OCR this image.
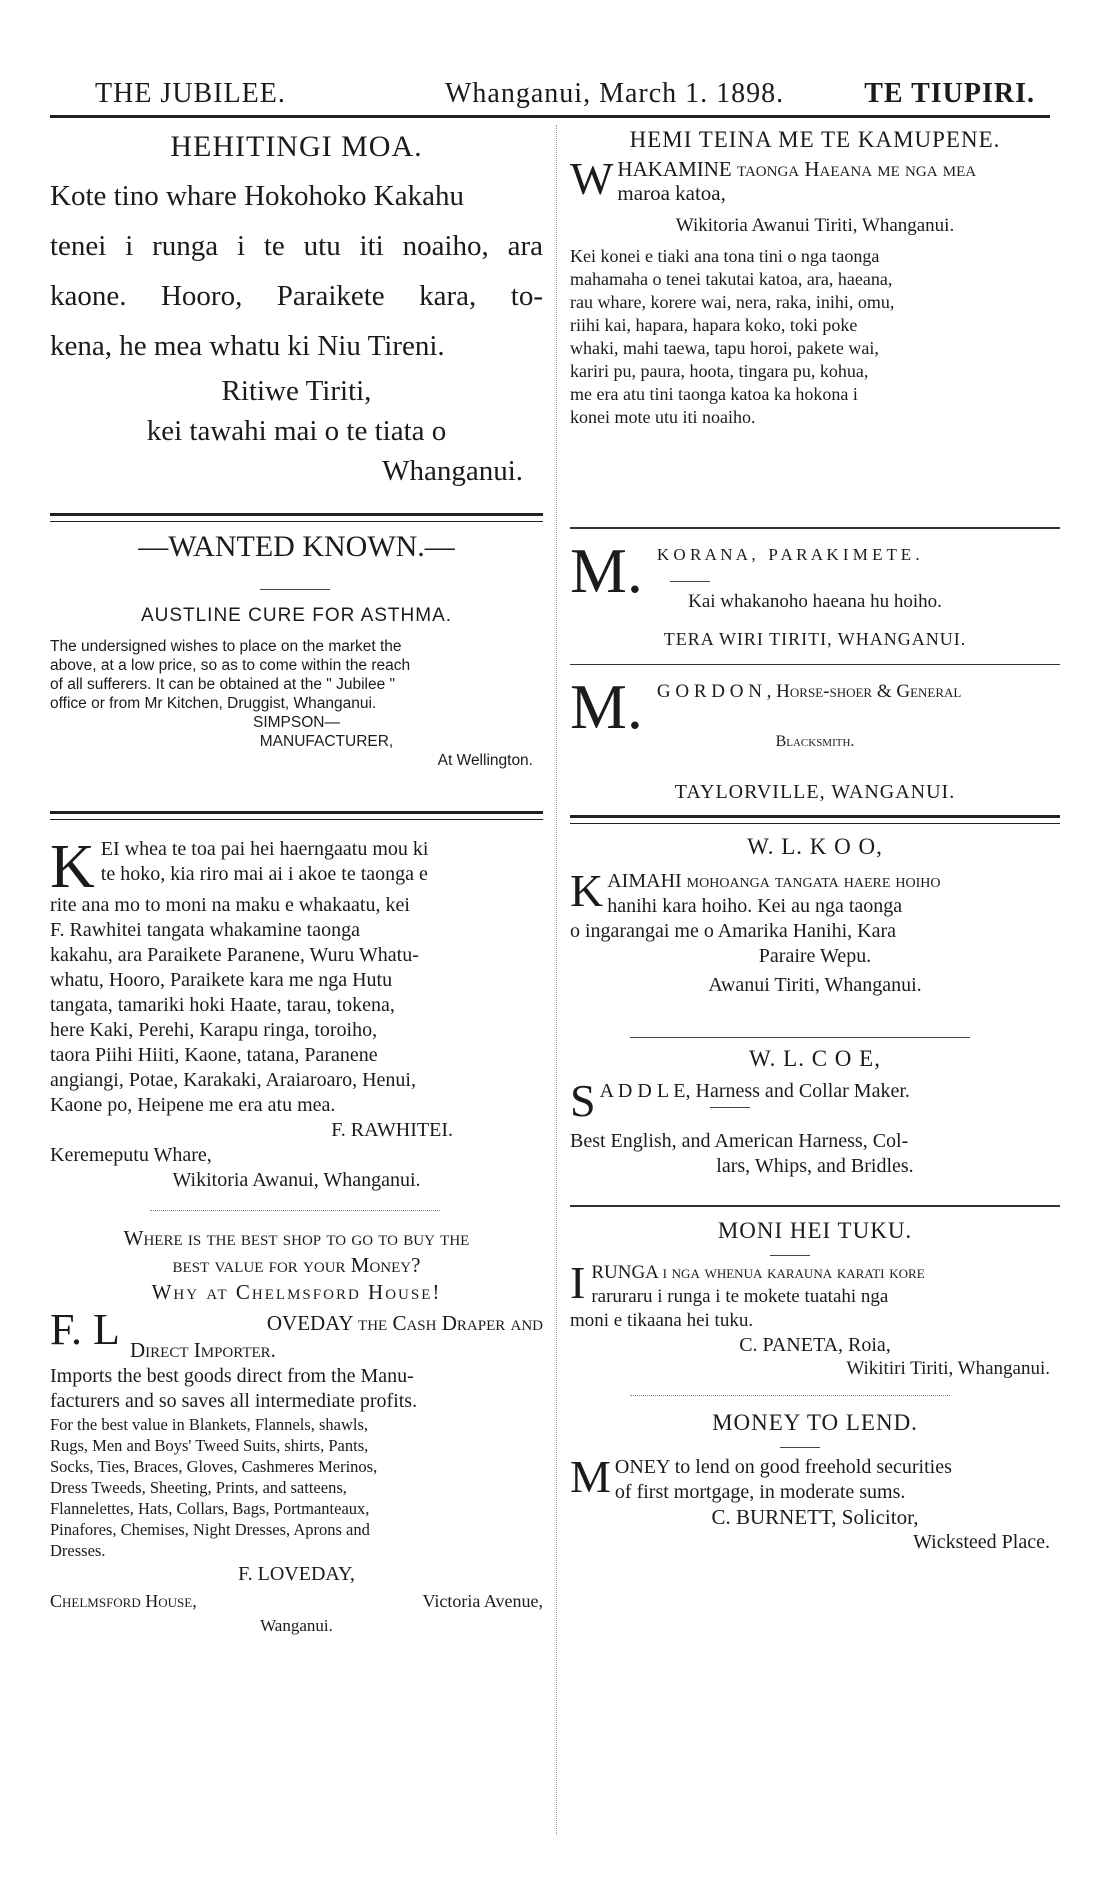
THE JUBILEE.	Whanganui, March 1. 1898.	TE TIUPIRI.
HEHITINGI MOA.
Kote tino whare Hokohoko Kakahu
tenei i runga i te utu iti noaiho, ara
kaone. Hooro, Paraikete kara, to-
kena, he mea whatu ki Niu Tireni.
Ritiwe Tiriti,
kei tawahi mai o te tiata o
Whanganui.
—WANTED KNOWN.—
AUSTLINE CURE FOR ASTHMA.
The undersigned wishes to place on the market the
above, at a low price, so as to come within the reach
of all sufferers. It can be obtained at the " Jubilee "
office or from Mr Kitchen, Druggist, Whanganui.
SIMPSON—
MANUFACTURER,
At Wellington.
K EI whea te toa pai hei haerngaatu mou ki
te hoko, kia riro mai ai i akoe te taonga e
rite ana mo to moni na maku e whakaatu, kei
F. Rawhitei tangata whakamine taonga
kakahu, ara Paraikete Paranene, Wuru Whatu-
whatu, Hooro, Paraikete kara me nga Hutu
tangata, tamariki hoki Haate, tarau, tokena,
here Kaki, Perehi, Karapu ringa, toroiho,
taora Piihi Hiiti, Kaone, tatana, Paranene
angiangi, Potae, Karakaki, Araiaroaro, Henui,
Kaone po, Heipene me era atu mea.
F. RAWHITEI.
Keremeputu Whare,
Wikitoria Awanui, Whanganui.
Where is the best shop to go to buy the
best value for your Money?
Why at Chelmsford House!
F. L	OVEDAY the Cash Draper and
Direct Importer.
Imports the best goods direct from the Manu-
facturers and so saves all intermediate profits.
For the best value in Blankets, Flannels, shawls,
Rugs, Men and Boys' Tweed Suits, shirts, Pants,
Socks, Ties, Braces, Gloves, Cashmeres Merinos,
Dress Tweeds, Sheeting, Prints, and satteens,
Flannelettes, Hats, Collars, Bags, Portmanteaux,
Pinafores, Chemises, Night Dresses, Aprons and
Dresses.
F. LOVEDAY,
Chelmsford House,	Victoria Avenue,
Wanganui.
HEMI TEINA ME TE KAMUPENE.
W HAKAMINE taonga Haeana me nga mea
maroa katoa,
Wikitoria Awanui Tiriti, Whanganui.
Kei konei e tiaki ana tona tini o nga taonga
mahamaha o tenei takutai katoa, ara, haeana,
rau whare, korere wai, nera, raka, inihi, omu,
riihi kai, hapara, hapara koko, toki poke
whaki, mahi taewa, tapu horoi, pakete wai,
kariri pu, paura, hoota, tingara pu, kohua,
me era atu tini taonga katoa ka hokona i
konei mote utu iti noaiho.
M. K O R A N A ,   P A R A K I M E T E .
Kai whakanoho haeana hu hoiho.
TERA WIRI TIRITI, WHANGANUI.
M. G O R D O N , Horse-shoer & General
Blacksmith.
TAYLORVILLE, WANGANUI.
W. L. K O O,
K AIMAHI mohoanga tangata haere hoiho
hanihi kara hoiho. Kei au nga taonga
o ingarangai me o Amarika Hanihi, Kara
Paraire Wepu.
Awanui Tiriti, Whanganui.
W. L. C O E,
S A D D L E, Harness and Collar Maker.
Best English, and American Harness, Col-
lars, Whips, and Bridles.
MONI HEI TUKU.
I RUNGA i nga whenua karauna karati kore
raruraru i runga i te mokete tuatahi nga
moni e tikaana hei tuku.
C. PANETA, Roia,
Wikitiri Tiriti, Whanganui.
MONEY TO LEND.
M ONEY to lend on good freehold securities
of first mortgage, in moderate sums.
C. BURNETT, Solicitor,
Wicksteed Place.
